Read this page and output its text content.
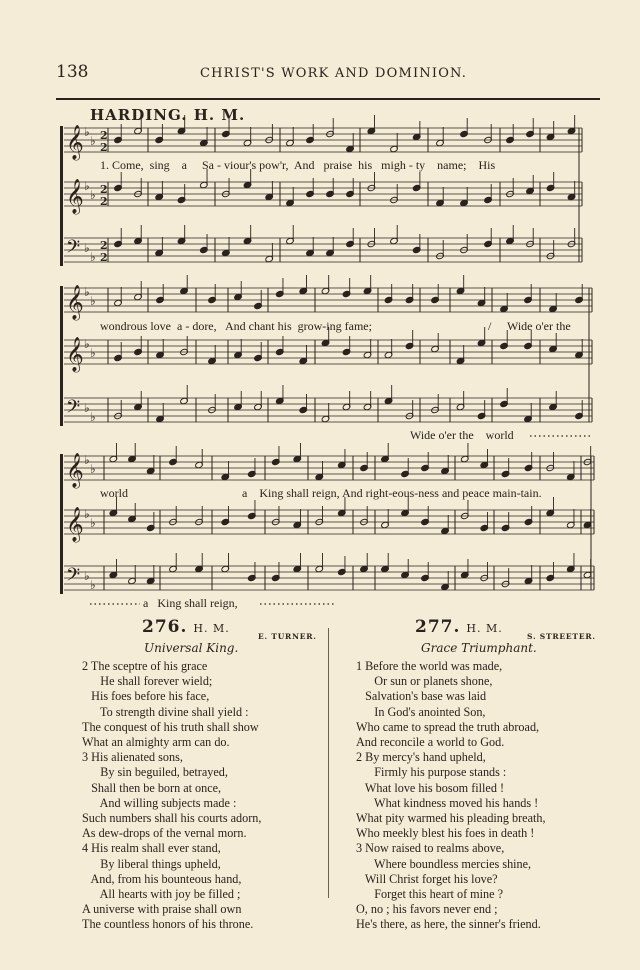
138	CHRIST'S WORK AND DOMINION.
HARDING. H. M.
𝄞 ♭
♭
𝄞 ♭
♭
𝄢 ♭
♭
𝄞 ♭
♭
𝄞 ♭
♭
𝄢 ♭
♭
𝄞 ♭
♭
𝄞 ♭
♭
𝄢 ♭
♭
2
2
2
2
2
2
1. Come,  sing    a     Sa - viour's pow'r,  And   praise  his   migh - ty    name;    His
wondrous love  a - dore,   And chant his  grow-ing fame;	/ Wide o'er the
Wide o'er the    world
world	a    King shall reign, And right-eous-ness and peace main-tain.
a   King shall reign,
276. H. M.
E. TURNER.
Universal King.
2 The sceptre of his grace
He shall forever wield;
His foes before his face,
To strength divine shall yield :
The conquest of his truth shall show
What an almighty arm can do.
3 His alienated sons,
By sin beguiled, betrayed,
Shall then be born at once,
And willing subjects made :
Such numbers shall his courts adorn,
As dew-drops of the vernal morn.
4 His realm shall ever stand,
By liberal things upheld,
And, from his bounteous hand,
All hearts with joy be filled ;
A universe with praise shall own
The countless honors of his throne.
277. H. M.
S. STREETER.
Grace Triumphant.
1 Before the world was made,
Or sun or planets shone,
Salvation's base was laid
In God's anointed Son,
Who came to spread the truth abroad,
And reconcile a world to God.
2 By mercy's hand upheld,
Firmly his purpose stands :
What love his bosom filled !
What kindness moved his hands !
What pity warmed his pleading breath,
Who meekly blest his foes in death !
3 Now raised to realms above,
Where boundless mercies shine,
Will Christ forget his love?
Forget this heart of mine ?
O, no ; his favors never end ;
He's there, as here, the sinner's friend.
